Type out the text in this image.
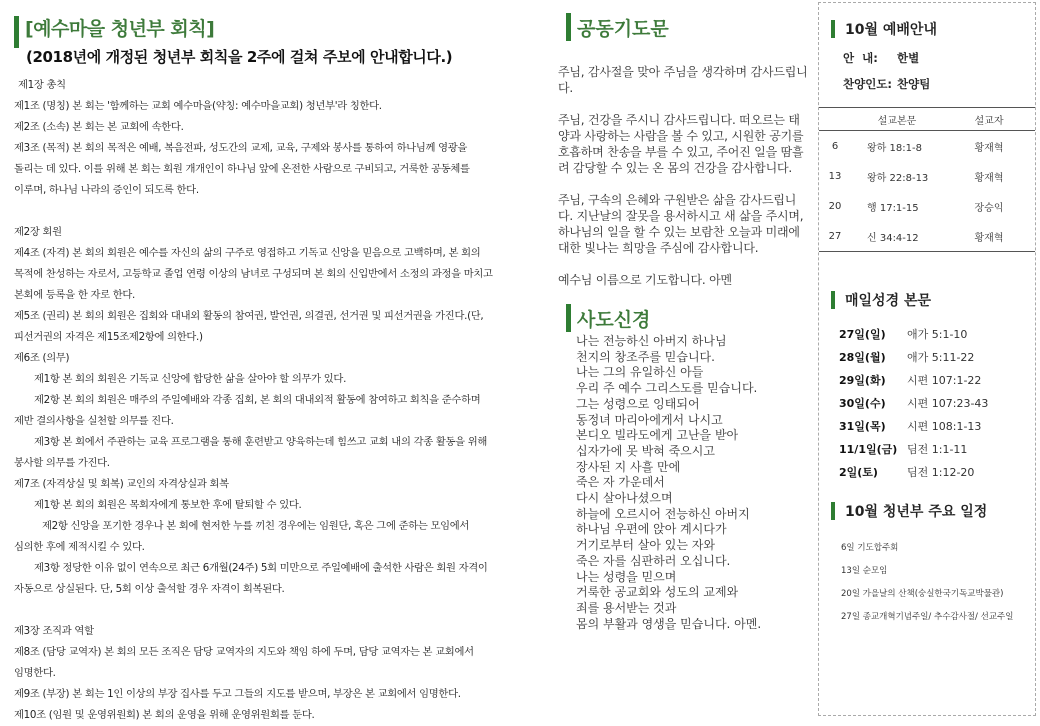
[예수마을 청년부 회칙]
(2018년에 개정된 청년부 회칙을 2주에 걸쳐 주보에 안내합니다.)
제1장 총칙
제1조 (명칭) 본 회는 '함께하는 교회 예수마을(약칭: 예수마을교회) 청년부'라 칭한다.
제2조 (소속) 본 회는 본 교회에 속한다.
제3조 (목적) 본 회의 목적은 예배, 복음전파, 성도간의 교제, 교육, 구제와 봉사를 통하여 하나님께 영광을
돌리는 데 있다. 이를 위해 본 회는 회원 개개인이 하나님 앞에 온전한 사람으로 구비되고, 거룩한 공동체를
이루며, 하나님 나라의 증인이 되도록 한다.
제2장 회원
제4조 (자격) 본 회의 회원은 예수를 자신의 삶의 구주로 영접하고 기독교 신앙을 믿음으로 고백하며, 본 회의
목적에 찬성하는 자로서, 고등학교 졸업 연령 이상의 남녀로 구성되며 본 회의 신입반에서 소정의 과정을 마치고
본회에 등록을 한 자로 한다.
제5조 (권리) 본 회의 회원은 집회와 대내외 활동의 참여권, 발언권, 의결권, 선거권 및 피선거권을 가진다.(단,
피선거권의 자격은 제15조제2항에 의한다.)
제6조 (의무)
제1항 본 회의 회원은 기독교 신앙에 합당한 삶을 살아야 할 의무가 있다.
제2항 본 회의 회원은 매주의 주일예배와 각종 집회, 본 회의 대내외적 활동에 참여하고 회칙을 준수하며
제반 결의사항을 실천할 의무를 진다.
제3항 본 회에서 주관하는 교육 프로그램을 통해 훈련받고 양육하는데 힘쓰고 교회 내의 각종 활동을 위해
봉사할 의무를 가진다.
제7조 (자격상실 및 회복) 교인의 자격상실과 회복
제1항 본 회의 회원은 목회자에게 통보한 후에 탈퇴할 수 있다.
제2항 신앙을 포기한 경우나 본 회에 현저한 누를 끼친 경우에는 임원단, 혹은 그에 준하는 모임에서
심의한 후에 제적시킬 수 있다.
제3항 정당한 이유 없이 연속으로 최근 6개월(24주) 5회 미만으로 주일예배에 출석한 사람은 회원 자격이
자동으로 상실된다. 단, 5회 이상 출석할 경우 자격이 회복된다.
제3장 조직과 역할
제8조 (담당 교역자) 본 회의 모든 조직은 담당 교역자의 지도와 책임 하에 두며, 담당 교역자는 본 교회에서
임명한다.
제9조 (부장) 본 회는 1인 이상의 부장 집사를 두고 그들의 지도를 받으며, 부장은 본 교회에서 임명한다.
제10조 (임원 및 운영위원회) 본 회의 운영을 위해 운영위원회를 둔다.
공동기도문

주님, 감사절을 맞아 주님을 생각하며 감사드립니다.

주님, 건강을 주시니 감사드립니다. 떠오르는 태양과 사랑하는 사람을 볼 수 있고, 시원한 공기를 호흡하며 찬송을 부를 수 있고, 주어진 일을 땀흘려 감당할 수 있는 온 몸의 건강을 감사합니다.

주님, 구속의 은혜와 구원받은 삶을 감사드립니다. 지난날의 잘못을 용서하시고 새 삶을 주시며, 하나님의 일을 할 수 있는 보람찬 오늘과 미래에 대한 빛나는 희망을 주심에 감사합니다.

예수님 이름으로 기도합니다. 아멘

사도신경
나는 전능하신 아버지 하나님
천지의 창조주를 믿습니다.
나는 그의 유일하신 아들
우리 주 예수 그리스도를 믿습니다.
그는 성령으로 잉태되어
동정녀 마리아에게서 나시고
본디오 빌라도에게 고난을 받아
십자가에 못 박혀 죽으시고
장사된 지 사흘 만에
죽은 자 가운데서
다시 살아나셨으며
하늘에 오르시어 전능하신 아버지
하나님 우편에 앉아 계시다가
거기로부터 살아 있는 자와
죽은 자를 심판하러 오십니다.
나는 성령을 믿으며
거룩한 공교회와 성도의 교제와
죄를 용서받는 것과
몸의 부활과 영생을 믿습니다. 아멘.
10월 예배안내
안  내: 한별
찬양인도: 찬양팀
	설교본문	설교자
6	왕하 18:1-8	황재혁
13	왕하 22:8-13	황재혁
20	행 17:1-15	장승익
27	신 34:4-12	황재혁
매일성경 본문
27일(일)	애가 5:1-10
28일(월)	애가 5:11-22
29일(화)	시편 107:1-22
30일(수)	시편 107:23-43
31일(목)	시편 108:1-13
11/1일(금) 딤전 1:1-11
2일(토)	딤전 1:12-20
10월 청년부 주요 일정
6일 기도합주회
13일 순모임
20일 가을날의 산책(숭실한국기독교박물관)
27일 종교개혁기념주일/ 추수감사절/ 선교주일
